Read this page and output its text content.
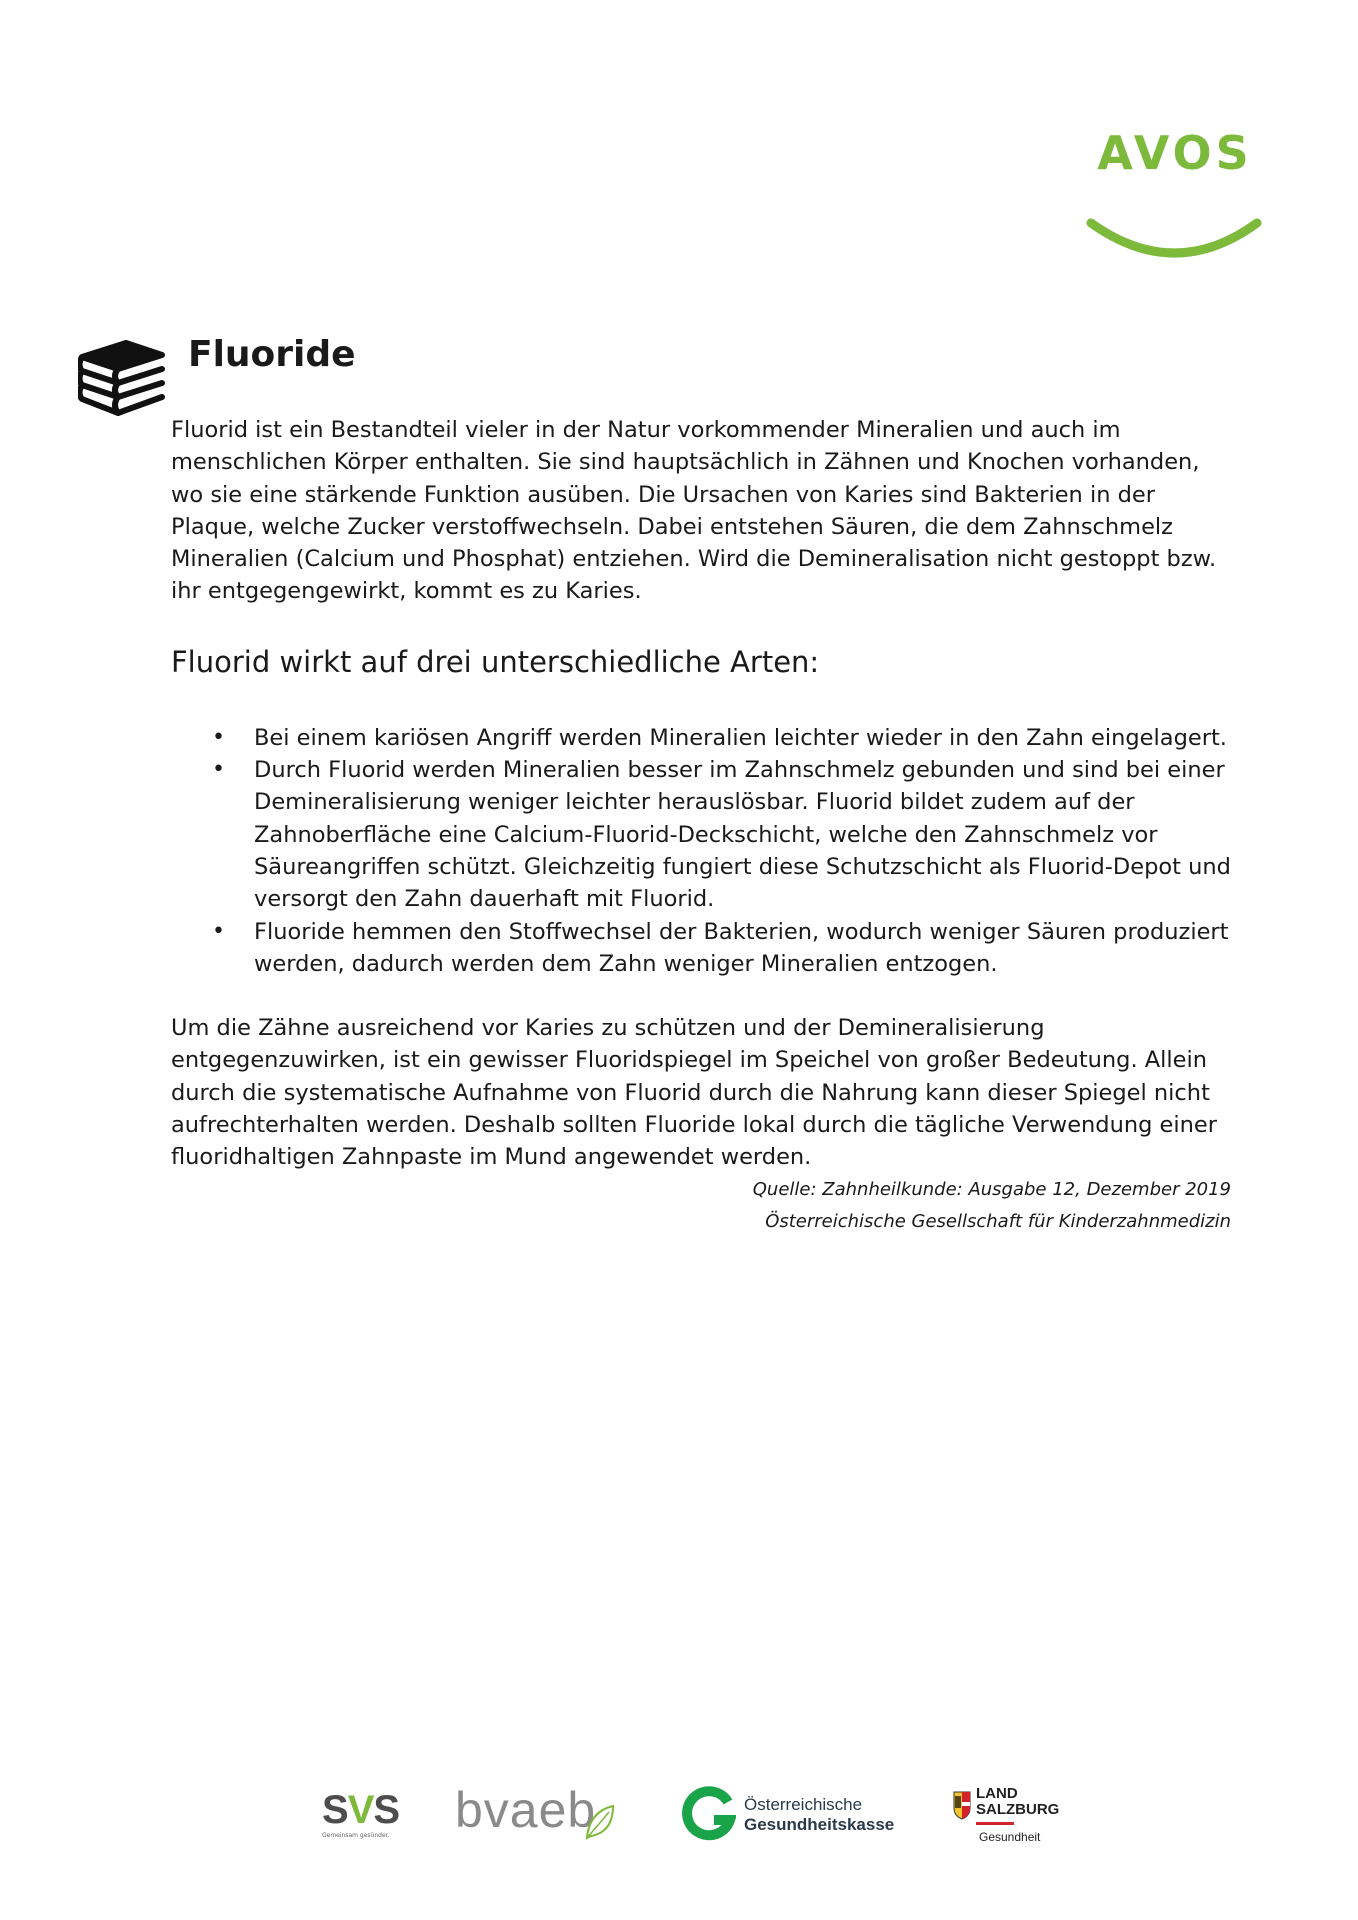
AVOS
Fluoride

Fluorid ist ein Bestandteil vieler in der Natur vorkommender Mineralien und auch im menschlichen Körper enthalten. Sie sind hauptsächlich in Zähnen und Knochen vorhanden, wo sie eine stärkende Funktion ausüben. Die Ursachen von Karies sind Bakterien in der Plaque, welche Zucker verstoffwechseln. Dabei entstehen Säuren, die dem Zahnschmelz Mineralien (Calcium und Phosphat) entziehen. Wird die Demineralisation nicht gestoppt bzw. ihr entgegengewirkt, kommt es zu Karies.

Fluorid wirkt auf drei unterschiedliche Arten:

• Bei einem kariösen Angriff werden Mineralien leichter wieder in den Zahn eingelagert.
• Durch Fluorid werden Mineralien besser im Zahnschmelz gebunden und sind bei einer Demineralisierung weniger leichter herauslösbar. Fluorid bildet zudem auf der Zahnoberfläche eine Calcium-Fluorid-Deckschicht, welche den Zahnschmelz vor Säureangriffen schützt. Gleichzeitig fungiert diese Schutzschicht als Fluorid-Depot und versorgt den Zahn dauerhaft mit Fluorid.
• Fluoride hemmen den Stoffwechsel der Bakterien, wodurch weniger Säuren produziert werden, dadurch werden dem Zahn weniger Mineralien entzogen.

Um die Zähne ausreichend vor Karies zu schützen und der Demineralisierung entgegenzuwirken, ist ein gewisser Fluoridspiegel im Speichel von großer Bedeutung. Allein durch die systematische Aufnahme von Fluorid durch die Nahrung kann dieser Spiegel nicht aufrechterhalten werden. Deshalb sollten Fluoride lokal durch die tägliche Verwendung einer fluoridhaltigen Zahnpaste im Mund angewendet werden.

Quelle: Zahnheilkunde: Ausgabe 12, Dezember 2019

Österreichische Gesellschaft für Kinderzahnmedizin

SVS
Gemeinsam gesünder. bvaeb	Österreichische
Gesundheitskasse
LAND
SALZBURG
Gesundheit
